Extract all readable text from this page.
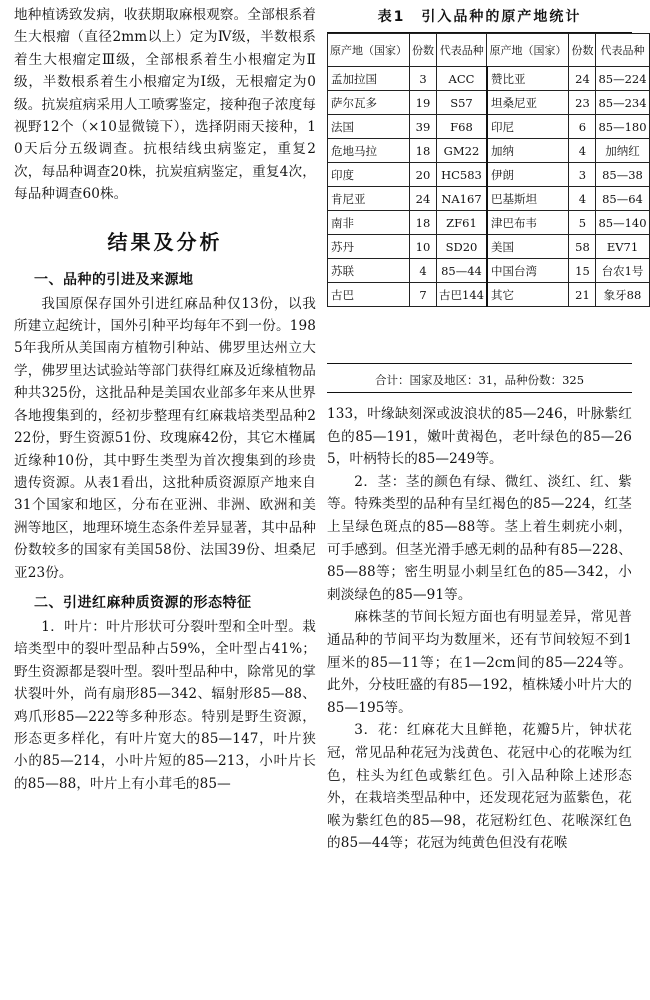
地种植诱致发病，收获期取麻根观察。全部根系着生大根瘤（直径2mm以上）定为Ⅳ级，半数根系着生大根瘤定Ⅲ级，全部根系着生小根瘤定为Ⅱ级，半数根系着生小根瘤定为Ⅰ级，无根瘤定为0级。抗炭疽病采用人工喷雾鉴定，接种孢子浓度每视野12个（×10显微镜下），选择阴雨天接种，10天后分五级调查。抗根结线虫病鉴定，重复2次，每品种调查20株，抗炭疽病鉴定，重复4次，每品种调查60株。

结果及分析
一、品种的引进及来源地

我国原保存国外引进红麻品种仅13份，以我所建立起统计，国外引种平均每年不到一份。1985年我所从美国南方植物引种站、佛罗里达州立大学，佛罗里达试验站等部门获得红麻及近缘植物品种共325份，这批品种是美国农业部多年来从世界各地搜集到的，经初步整理有红麻栽培类型品种222份，野生资源51份、玫瑰麻42份，其它木槿属近缘种10份，其中野生类型为首次搜集到的珍贵遗传资源。从表1看出，这批种质资源原产地来自31个国家和地区，分布在亚洲、非洲、欧洲和美洲等地区，地理环境生态条件差异显著，其中品种份数较多的国家有美国58份、法国39份、坦桑尼亚23份。

二、引进红麻种质资源的形态特征

1．叶片：叶片形状可分裂叶型和全叶型。栽培类型中的裂叶型品种占59%，全叶型占41%；野生资源都是裂叶型。裂叶型品种中，除常见的掌状裂叶外，尚有扇形85—342、辐射形85—88、鸡爪形85—222等多种形态。特别是野生资源，形态更多样化，有叶片宽大的85—147，叶片狭小的85—214，小叶片短的85—213，小叶片长的85—88，叶片上有小茸毛的85—

表1　引入品种的原产地统计
原产地（国家）	份数	代表品种	原产地（国家）	份数	代表品种
孟加拉国	3	ACC	赞比亚	24	85—224
萨尔瓦多	19	S57	坦桑尼亚	23	85—234
法国	39	F68	印尼	6	85—180
危地马拉	18	GM22	加纳	4	加纳红
印度	20	HC583	伊朗	3	85—38
肯尼亚	24	NA167	巴基斯坦	4	85—64
南非	18	ZF61	津巴布韦	5	85—140
苏丹	10	SD20	美国	58	EV71
苏联	4	85—44	中国台湾	15	台农1号
古巴	7	古巴144	其它	21	象牙88
合计：国家及地区：31，品种份数：325

133，叶缘缺刻深或波浪状的85—246，叶脉紫红色的85—191，嫩叶黄褐色，老叶绿色的85—265，叶柄特长的85—249等。

2．茎：茎的颜色有绿、微红、淡红、红、紫等。特殊类型的品种有呈红褐色的85—224，红茎上呈绿色斑点的85—88等。茎上着生刺疣小刺，可手感到。但茎光滑手感无刺的品种有85—228、85—88等；密生明显小刺呈红色的85—342，小刺淡绿色的85—91等。

麻株茎的节间长短方面也有明显差异，常见普通品种的节间平均为数厘米，还有节间较短不到1厘米的85—11等；在1—2cm间的85—224等。此外，分枝旺盛的有85—192，植株矮小叶片大的85—195等。

3．花：红麻花大且鲜艳，花瓣5片，钟状花冠，常见品种花冠为浅黄色、花冠中心的花喉为红色，柱头为红色或紫红色。引入品种除上述形态外，在栽培类型品种中，还发现花冠为蓝紫色，花喉为紫红色的85—98，花冠粉红色、花喉深红色的85—44等；花冠为纯黄色但没有花喉
